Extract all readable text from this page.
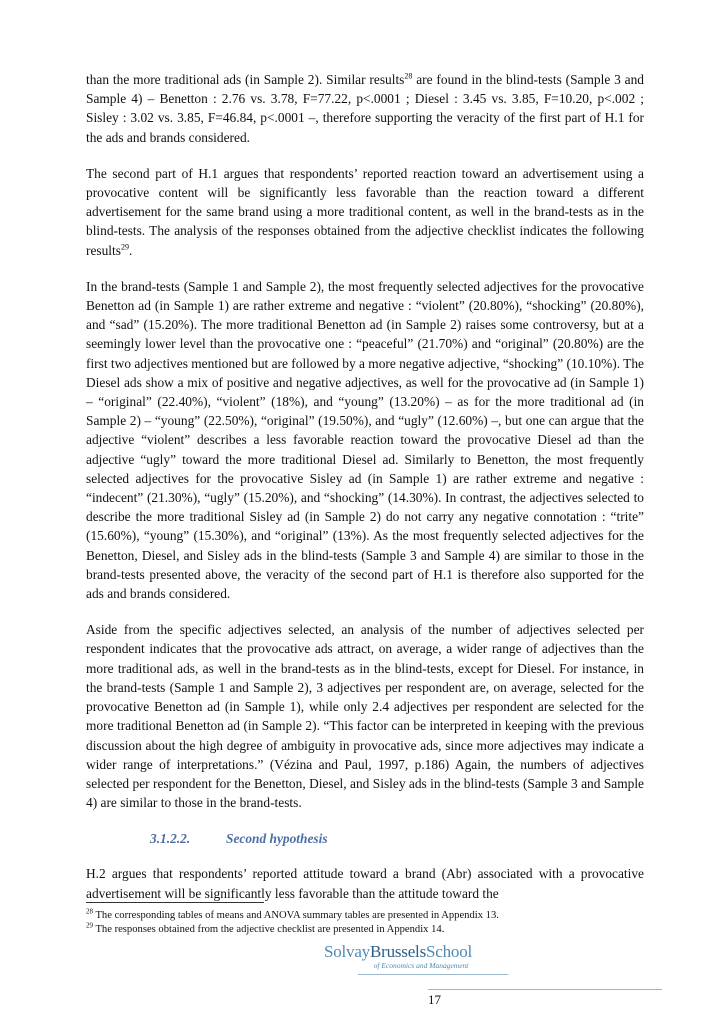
than the more traditional ads (in Sample 2). Similar results$^{28}$ are found in the blind-tests (Sample 3 and Sample 4) – Benetton : 2.76 vs. 3.78, F=77.22, p<.0001 ; Diesel : 3.45 vs. 3.85, F=10.20, p<.002 ; Sisley : 3.02 vs. 3.85, F=46.84, p<.0001 –, therefore supporting the veracity of the first part of H.1 for the ads and brands considered.

The second part of H.1 argues that respondents’ reported reaction toward an advertisement using a provocative content will be significantly less favorable than the reaction toward a different advertisement for the same brand using a more traditional content, as well in the brand-tests as in the blind-tests. The analysis of the responses obtained from the adjective checklist indicates the following results$^{29}$.

In the brand-tests (Sample 1 and Sample 2), the most frequently selected adjectives for the provocative Benetton ad (in Sample 1) are rather extreme and negative : “violent” (20.80%), “shocking” (20.80%), and “sad” (15.20%). The more traditional Benetton ad (in Sample 2) raises some controversy, but at a seemingly lower level than the provocative one : “peaceful” (21.70%) and “original” (20.80%) are the first two adjectives mentioned but are followed by a more negative adjective, “shocking” (10.10%). The Diesel ads show a mix of positive and negative adjectives, as well for the provocative ad (in Sample 1) – “original” (22.40%), “violent” (18%), and “young” (13.20%) – as for the more traditional ad (in Sample 2) – “young” (22.50%), “original” (19.50%), and “ugly” (12.60%) –, but one can argue that the adjective “violent” describes a less favorable reaction toward the provocative Diesel ad than the adjective “ugly” toward the more traditional Diesel ad. Similarly to Benetton, the most frequently selected adjectives for the provocative Sisley ad (in Sample 1) are rather extreme and negative : “indecent” (21.30%), “ugly” (15.20%), and “shocking” (14.30%). In contrast, the adjectives selected to describe the more traditional Sisley ad (in Sample 2) do not carry any negative connotation : “trite” (15.60%), “young” (15.30%), and “original” (13%). As the most frequently selected adjectives for the Benetton, Diesel, and Sisley ads in the blind-tests (Sample 3 and Sample 4) are similar to those in the brand-tests presented above, the veracity of the second part of H.1 is therefore also supported for the ads and brands considered.

Aside from the specific adjectives selected, an analysis of the number of adjectives selected per respondent indicates that the provocative ads attract, on average, a wider range of adjectives than the more traditional ads, as well in the brand-tests as in the blind-tests, except for Diesel. For instance, in the brand-tests (Sample 1 and Sample 2), 3 adjectives per respondent are, on average, selected for the provocative Benetton ad (in Sample 1), while only 2.4 adjectives per respondent are selected for the more traditional Benetton ad (in Sample 2). “This factor can be interpreted in keeping with the previous discussion about the high degree of ambiguity in provocative ads, since more adjectives may indicate a wider range of interpretations.” (Vézina and Paul, 1997, p.186) Again, the numbers of adjectives selected per respondent for the Benetton, Diesel, and Sisley ads in the blind-tests (Sample 3 and Sample 4) are similar to those in the brand-tests.

3.1.2.2.	Second hypothesis

H.2 argues that respondents’ reported attitude toward a brand (Abr) associated with a provocative advertisement will be significantly less favorable than the attitude toward the

$^{28}$ The corresponding tables of means and ANOVA summary tables are presented in Appendix 13.

$^{29}$ The responses obtained from the adjective checklist are presented in Appendix 14.

SolvayBrusselsSchool
of Economics and Management
17
